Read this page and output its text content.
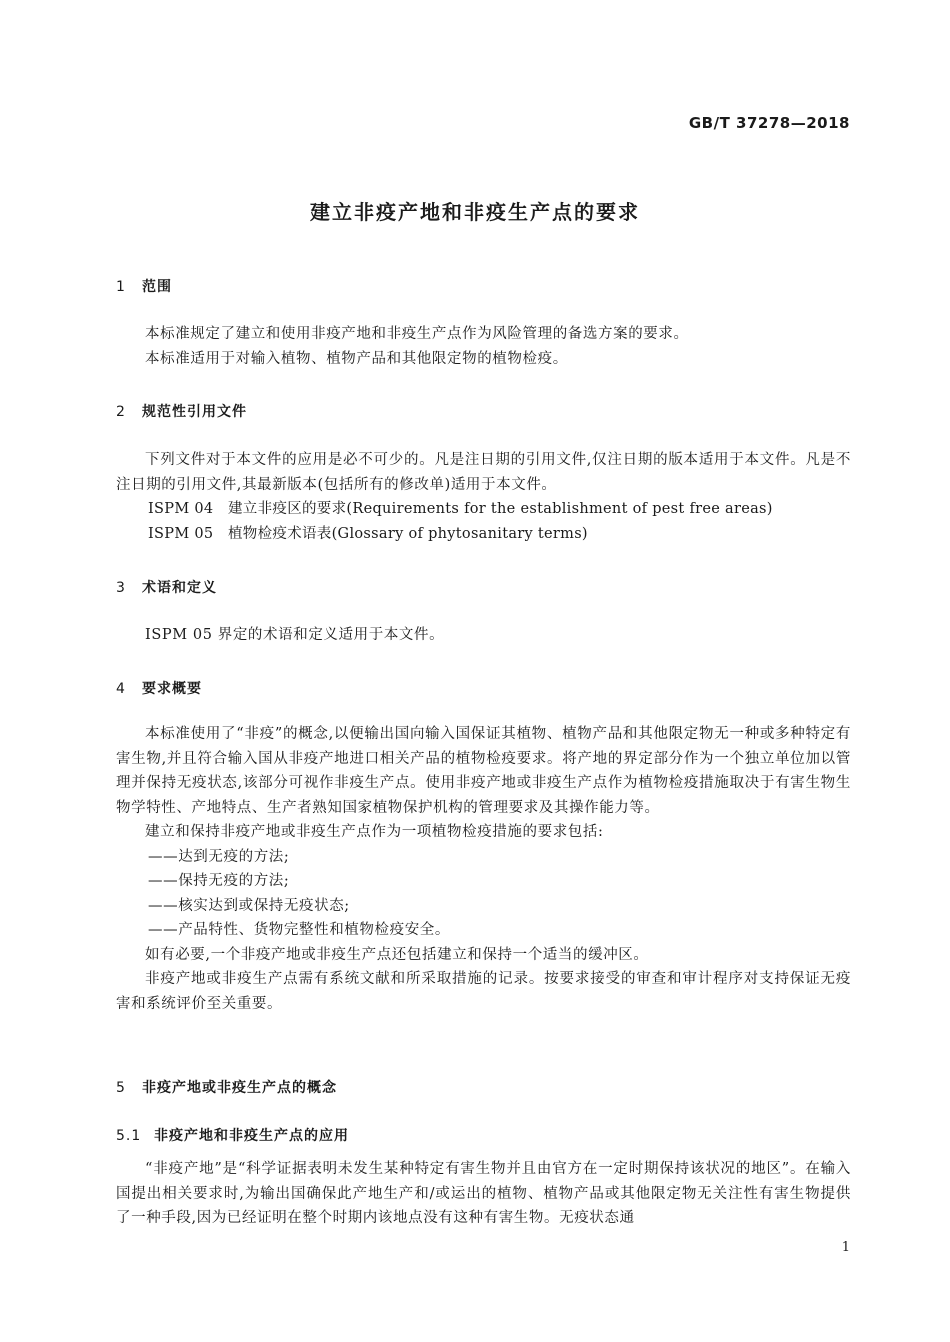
GB/T 37278—2018
建立非疫产地和非疫生产点的要求
1 范围

本标准规定了建立和使用非疫产地和非疫生产点作为风险管理的备选方案的要求。

本标准适用于对输入植物、植物产品和其他限定物的植物检疫。

2 规范性引用文件

下列文件对于本文件的应用是必不可少的。凡是注日期的引用文件,仅注日期的版本适用于本文件。凡是不注日期的引用文件,其最新版本(包括所有的修改单)适用于本文件。

ISPM 04 建立非疫区的要求(Requirements for the establishment of pest free areas)

ISPM 05 植物检疫术语表(Glossary of phytosanitary terms)

3 术语和定义

ISPM 05 界定的术语和定义适用于本文件。

4 要求概要

本标准使用了“非疫”的概念,以便输出国向输入国保证其植物、植物产品和其他限定物无一种或多种特定有害生物,并且符合输入国从非疫产地进口相关产品的植物检疫要求。将产地的界定部分作为一个独立单位加以管理并保持无疫状态,该部分可视作非疫生产点。使用非疫产地或非疫生产点作为植物检疫措施取决于有害生物生物学特性、产地特点、生产者熟知国家植物保护机构的管理要求及其操作能力等。

建立和保持非疫产地或非疫生产点作为一项植物检疫措施的要求包括:

——达到无疫的方法;

——保持无疫的方法;

——核实达到或保持无疫状态;

——产品特性、货物完整性和植物检疫安全。

如有必要,一个非疫产地或非疫生产点还包括建立和保持一个适当的缓冲区。

非疫产地或非疫生产点需有系统文献和所采取措施的记录。按要求接受的审查和审计程序对支持保证无疫害和系统评价至关重要。

5 非疫产地或非疫生产点的概念
5.1 非疫产地和非疫生产点的应用

“非疫产地”是“科学证据表明未发生某种特定有害生物并且由官方在一定时期保持该状况的地区”。在输入国提出相关要求时,为输出国确保此产地生产和/或运出的植物、植物产品或其他限定物无关注性有害生物提供了一种手段,因为已经证明在整个时期内该地点没有这种有害生物。无疫状态通

1
